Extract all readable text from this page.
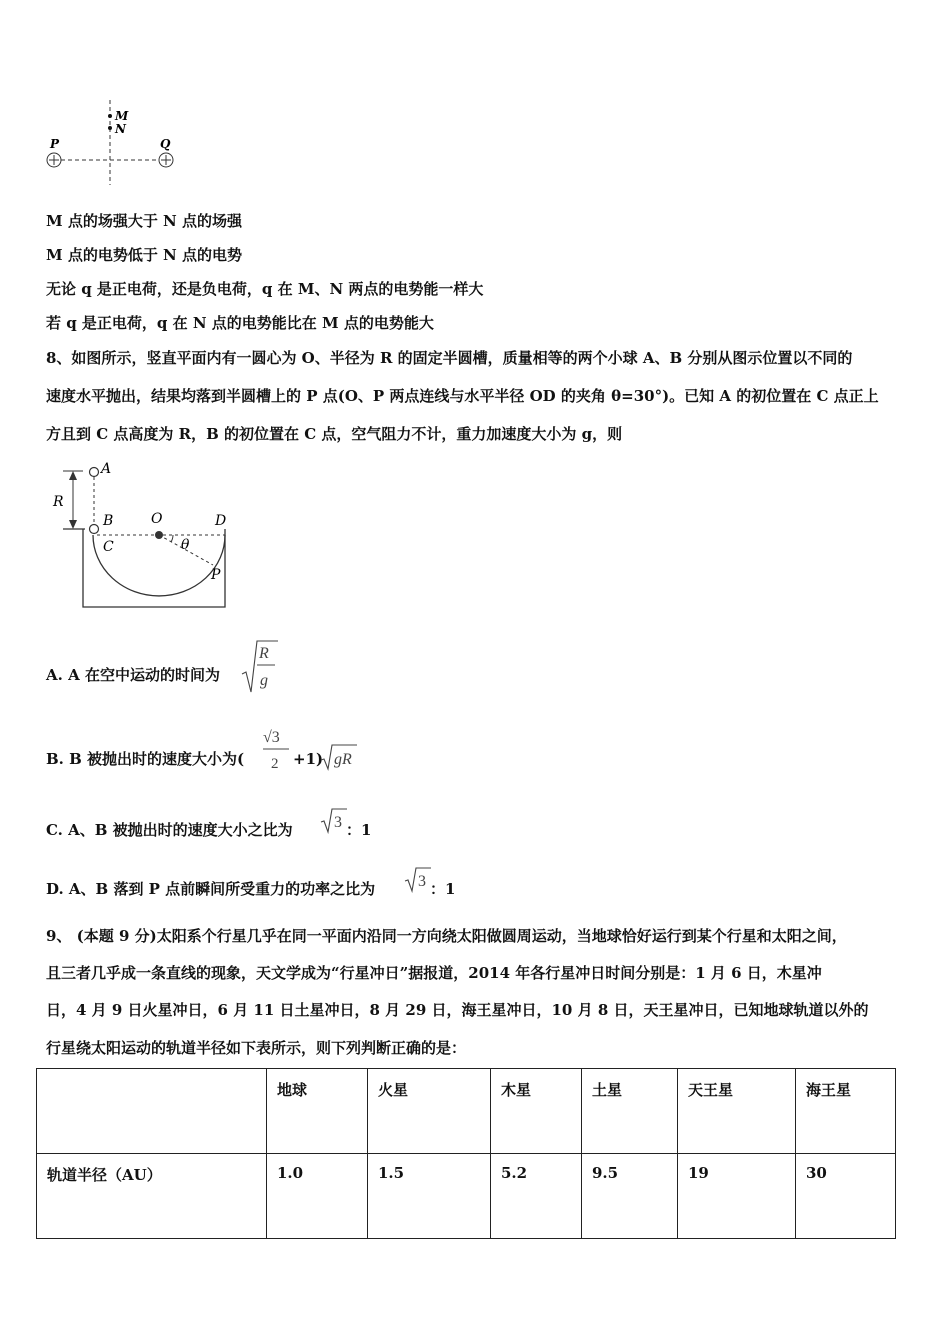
M
N
P	Q
M 点的场强大于 N 点的场强
M 点的电势低于 N 点的电势
无论 q 是正电荷，还是负电荷，q 在 M、N 两点的电势能一样大
若 q 是正电荷，q 在 N 点的电势能比在 M 点的电势能大
8、如图所示，竖直平面内有一圆心为 O、半径为 R 的固定半圆槽，质量相等的两个小球 A、B 分别从图示位置以不同的
速度水平抛出，结果均落到半圆槽上的 P 点(O、P 两点连线与水平半径 OD 的夹角 θ=30°)。已知 A 的初位置在 C 点正上
方且到 C 点高度为 R，B 的初位置在 C 点，空气阻力不计，重力加速度大小为 g，则
A
R
B
C
O	D
θ
P
A. A 在空中运动的时间为
R
g
B. B 被抛出时的速度大小为(
√3
2 +1) gR
C. A、B 被抛出时的速度大小之比为	3 ：1
D. A、B 落到 P 点前瞬间所受重力的功率之比为	3 ：1
9、 (本题 9 分)太阳系个行星几乎在同一平面内沿同一方向绕太阳做圆周运动，当地球恰好运行到某个行星和太阳之间，
且三者几乎成一条直线的现象，天文学成为“行星冲日”据报道，2014 年各行星冲日时间分别是：1 月 6 日，木星冲
日，4 月 9 日火星冲日，6 月 11 日土星冲日，8 月 29 日，海王星冲日，10 月 8 日，天王星冲日，已知地球轨道以外的
行星绕太阳运动的轨道半径如下表所示，则下列判断正确的是：
	地球	火星	木星	土星	天王星	海王星
轨道半径（AU）	1.0	1.5	5.2	9.5	19	30
